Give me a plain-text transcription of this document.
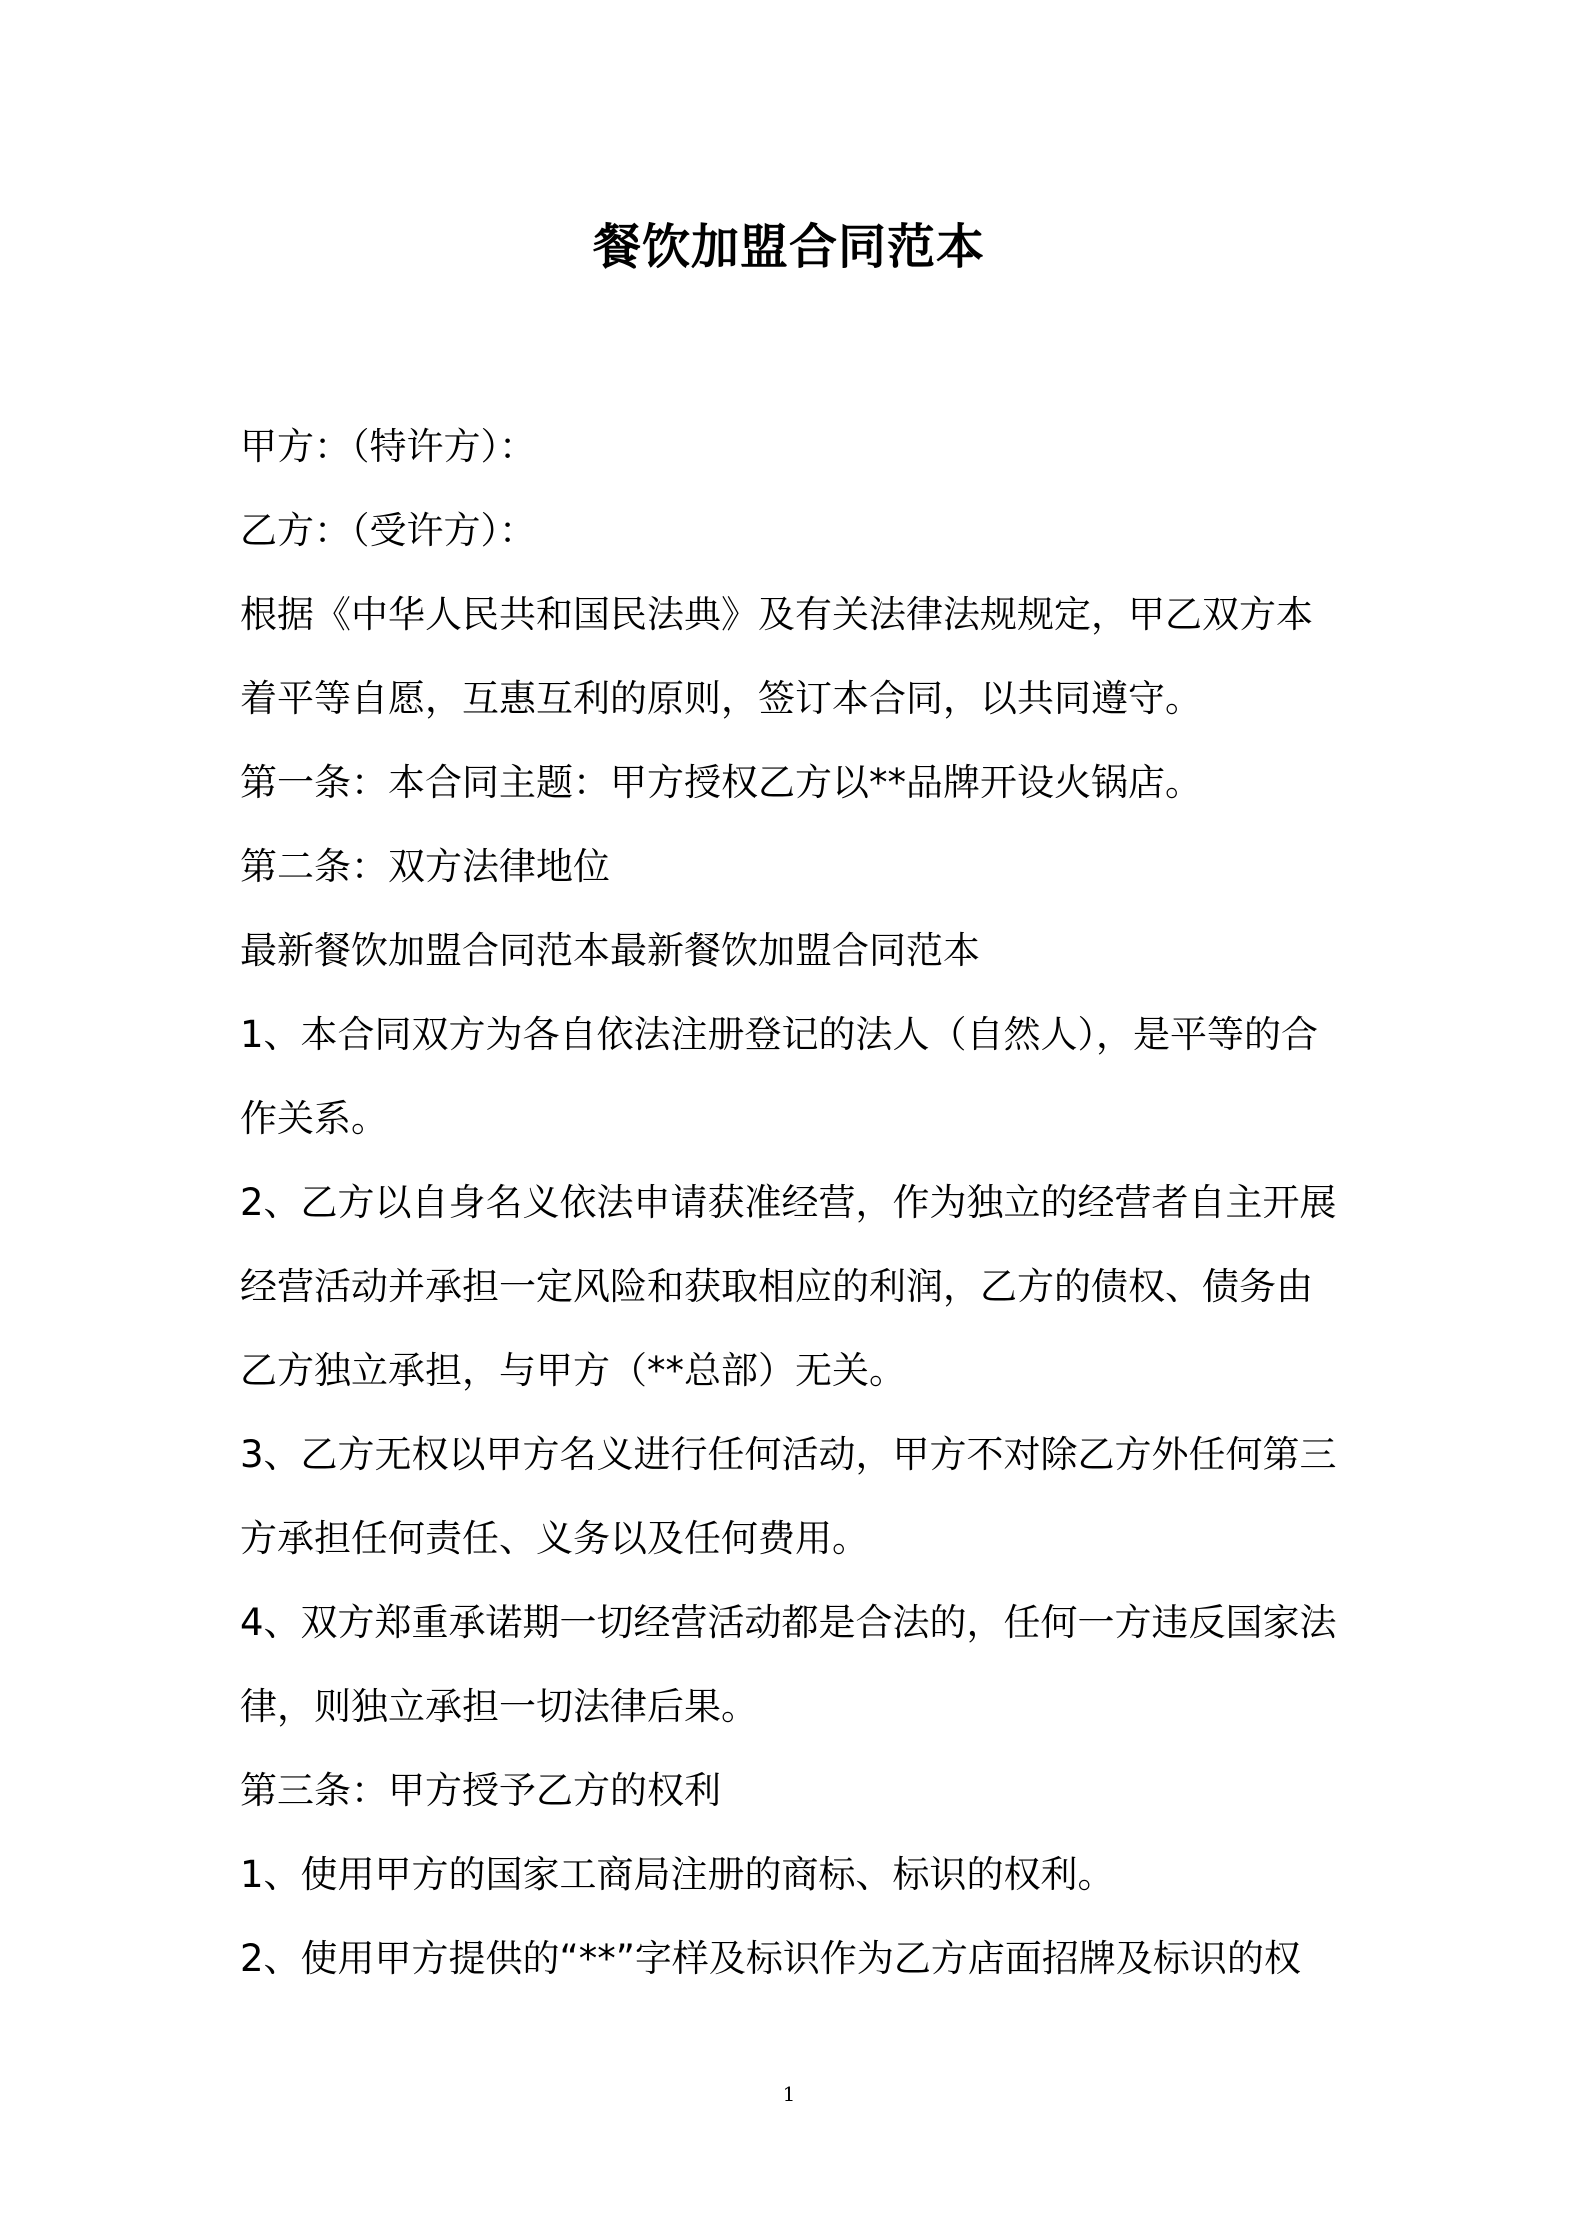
餐饮加盟合同范本
甲方：（特许方）：
乙方：（受许方）：
根据《中华人民共和国民法典》及有关法律法规规定，甲乙双方本
着平等自愿，互惠互利的原则，签订本合同，以共同遵守。
第一条：本合同主题：甲方授权乙方以**品牌开设火锅店。
第二条：双方法律地位
最新餐饮加盟合同范本最新餐饮加盟合同范本
1、本合同双方为各自依法注册登记的法人（自然人），是平等的合
作关系。
2、乙方以自身名义依法申请获准经营，作为独立的经营者自主开展
经营活动并承担一定风险和获取相应的利润，乙方的债权、债务由
乙方独立承担，与甲方（**总部）无关。
3、乙方无权以甲方名义进行任何活动，甲方不对除乙方外任何第三
方承担任何责任、义务以及任何费用。
4、双方郑重承诺期一切经营活动都是合法的，任何一方违反国家法
律，则独立承担一切法律后果。
第三条：甲方授予乙方的权利
1、使用甲方的国家工商局注册的商标、标识的权利。
2、使用甲方提供的“**”字样及标识作为乙方店面招牌及标识的权
1
